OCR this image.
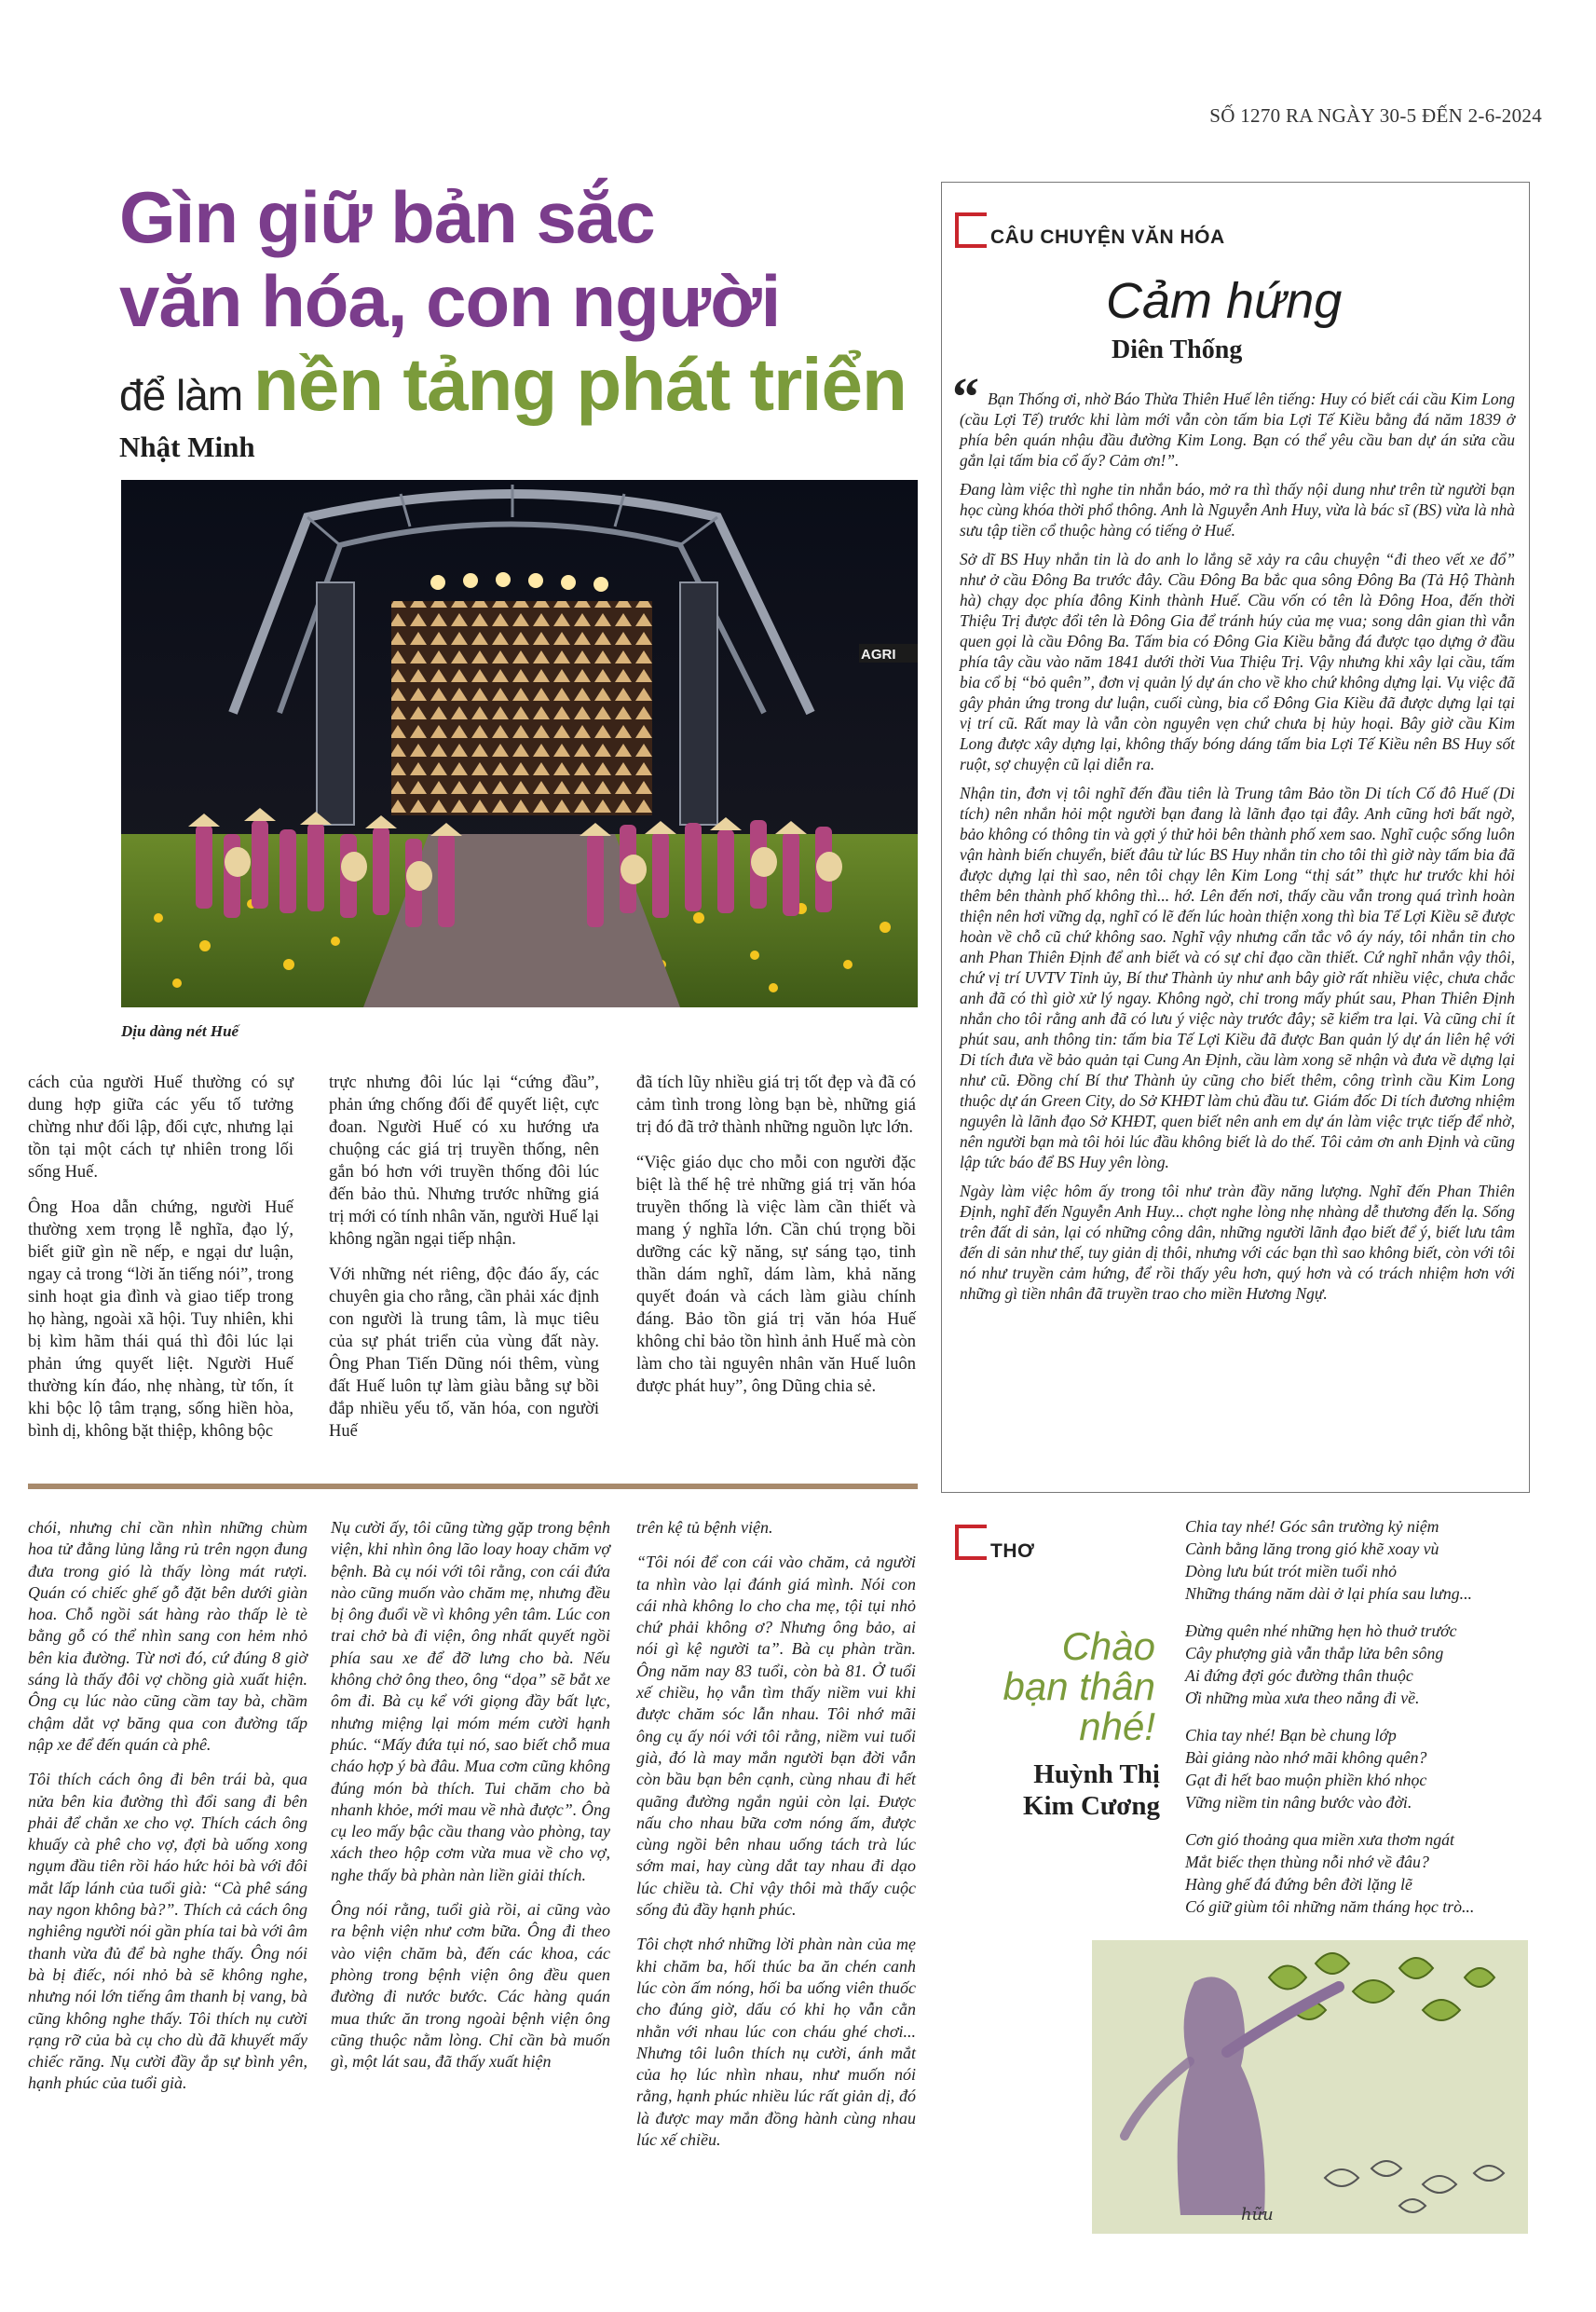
SỐ 1270 RA NGÀY 30-5 ĐẾN 2-6-2024
Gìn giữ bản sắc
văn hóa, con người
để làm nền tảng phát triển
Nhật Minh
AGRI
Dịu dàng nét Huế

cách của người Huế thường có sự dung hợp giữa các yếu tố tưởng chừng như đối lập, đối cực, nhưng lại tồn tại một cách tự nhiên trong lối sống Huế.

Ông Hoa dẫn chứng, người Huế thường xem trọng lễ nghĩa, đạo lý, biết giữ gìn nề nếp, e ngại dư luận, ngay cả trong “lời ăn tiếng nói”, trong sinh hoạt gia đình và giao tiếp trong họ hàng, ngoài xã hội. Tuy nhiên, khi bị kìm hãm thái quá thì đôi lúc lại phản ứng quyết liệt. Người Huế thường kín đáo, nhẹ nhàng, từ tốn, ít khi bộc lộ tâm trạng, sống hiền hòa, bình dị, không bặt thiệp, không bộc

trực nhưng đôi lúc lại “cứng đầu”, phản ứng chống đối để quyết liệt, cực đoan. Người Huế có xu hướng ưa chuộng các giá trị truyền thống, nên gắn bó hơn với truyền thống đôi lúc đến bảo thủ. Nhưng trước những giá trị mới có tính nhân văn, người Huế lại không ngần ngại tiếp nhận.

Với những nét riêng, độc đáo ấy, các chuyên gia cho rằng, cần phải xác định con người là trung tâm, là mục tiêu của sự phát triển của vùng đất này. Ông Phan Tiến Dũng nói thêm, vùng đất Huế luôn tự làm giàu bằng sự bồi đắp nhiều yếu tố, văn hóa, con người Huế

đã tích lũy nhiều giá trị tốt đẹp và đã có cảm tình trong lòng bạn bè, những giá trị đó đã trở thành những nguồn lực lớn.

“Việc giáo dục cho mỗi con người đặc biệt là thế hệ trẻ những giá trị văn hóa truyền thống là việc làm cần thiết và mang ý nghĩa lớn. Cần chú trọng bồi dưỡng các kỹ năng, sự sáng tạo, tinh thần dám nghĩ, dám làm, khả năng quyết đoán và cách làm giàu chính đáng. Bảo tồn giá trị văn hóa Huế không chỉ bảo tồn hình ảnh Huế mà còn làm cho tài nguyên nhân văn Huế luôn được phát huy”, ông Dũng chia sẻ.

chói, nhưng chỉ cần nhìn những chùm hoa tử đằng lủng lẳng rủ trên ngọn đung đưa trong gió là thấy lòng mát rượi. Quán có chiếc ghế gỗ đặt bên dưới giàn hoa. Chỗ ngồi sát hàng rào thấp lè tè bằng gỗ có thể nhìn sang con hẻm nhỏ bên kia đường. Từ nơi đó, cứ đúng 8 giờ sáng là thấy đôi vợ chồng già xuất hiện. Ông cụ lúc nào cũng cầm tay bà, chầm chậm dắt vợ băng qua con đường tấp nập xe để đến quán cà phê.

Tôi thích cách ông đi bên trái bà, qua nửa bên kia đường thì đổi sang đi bên phải để chắn xe cho vợ. Thích cách ông khuấy cà phê cho vợ, đợi bà uống xong ngụm đầu tiên rồi háo hức hỏi bà với đôi mắt lấp lánh của tuổi già: “Cà phê sáng nay ngon không bà?”. Thích cả cách ông nghiêng người nói gần phía tai bà với âm thanh vừa đủ để bà nghe thấy. Ông nói bà bị điếc, nói nhỏ bà sẽ không nghe, nhưng nói lớn tiếng âm thanh bị vang, bà cũng không nghe thấy. Tôi thích nụ cười rạng rỡ của bà cụ cho dù đã khuyết mấy chiếc răng. Nụ cười đầy ắp sự bình yên, hạnh phúc của tuổi già.

Nụ cười ấy, tôi cũng từng gặp trong bệnh viện, khi nhìn ông lão loay hoay chăm vợ bệnh. Bà cụ nói với tôi rằng, con cái đứa nào cũng muốn vào chăm mẹ, nhưng đều bị ông đuổi về vì không yên tâm. Lúc con trai chở bà đi viện, ông nhất quyết ngồi phía sau xe để đỡ lưng cho bà. Nếu không chở ông theo, ông “dọa” sẽ bắt xe ôm đi. Bà cụ kể với giọng đầy bất lực, nhưng miệng lại móm mém cười hạnh phúc. “Mấy đứa tụi nó, sao biết chỗ mua cháo hợp ý bà đâu. Mua cơm cũng không đúng món bà thích. Tui chăm cho bà nhanh khỏe, mới mau về nhà được”. Ông cụ leo mấy bậc cầu thang vào phòng, tay xách theo hộp cơm vừa mua về cho vợ, nghe thấy bà phàn nàn liền giải thích.

Ông nói rằng, tuổi già rồi, ai cũng vào ra bệnh viện như cơm bữa. Ông đi theo vào viện chăm bà, đến các khoa, các phòng trong bệnh viện ông đều quen đường đi nước bước. Các hàng quán mua thức ăn trong ngoài bệnh viện ông cũng thuộc nằm lòng. Chỉ cần bà muốn gì, một lát sau, đã thấy xuất hiện

trên kệ tủ bệnh viện.

“Tôi nói để con cái vào chăm, cả người ta nhìn vào lại đánh giá mình. Nói con cái nhà không lo cho cha mẹ, tội tụi nhỏ chứ phải không ơ? Nhưng ông bảo, ai nói gì kệ người ta”. Bà cụ phàn trần. Ông năm nay 83 tuổi, còn bà 81. Ở tuổi xế chiều, họ vẫn tìm thấy niềm vui khi được chăm sóc lẫn nhau. Tôi nhớ mãi ông cụ ấy nói với tôi rằng, niềm vui tuổi già, đó là may mắn người bạn đời vẫn còn bầu bạn bên cạnh, cùng nhau đi hết quãng đường ngắn ngủi còn lại. Được nấu cho nhau bữa cơm nóng ấm, được cùng ngồi bên nhau uống tách trà lúc sớm mai, hay cùng dắt tay nhau đi dạo lúc chiều tà. Chỉ vậy thôi mà thấy cuộc sống đủ đầy hạnh phúc.

Tôi chợt nhớ những lời phàn nàn của mẹ khi chăm ba, hối thúc ba ăn chén canh lúc còn ấm nóng, hối ba uống viên thuốc cho đúng giờ, dấu có khi họ vẫn cằn nhằn với nhau lúc con cháu ghé chơi... Nhưng tôi luôn thích nụ cười, ánh mắt của họ lúc nhìn nhau, như muốn nói rằng, hạnh phúc nhiều lúc rất giản dị, đó là được may mắn đồng hành cùng nhau lúc xế chiều.

CÂU CHUYỆN VĂN HÓA
Cảm hứng
Diên Thống
“ Bạn Thống ơi, nhờ Báo Thừa Thiên Huế lên tiếng: Huy có biết cái cầu Kim Long (cầu Lợi Tế) trước khi làm mới vẫn còn tấm bia Lợi Tế Kiều bằng đá năm 1839 ở phía bên quán nhậu đầu đường Kim Long. Bạn có thể yêu cầu ban dự án sửa cầu gắn lại tấm bia cổ ấy? Cảm ơn!”.

Đang làm việc thì nghe tin nhắn báo, mở ra thì thấy nội dung như trên từ người bạn học cùng khóa thời phổ thông. Anh là Nguyễn Anh Huy, vừa là bác sĩ (BS) vừa là nhà sưu tập tiền cổ thuộc hàng có tiếng ở Huế.

Sở dĩ BS Huy nhắn tin là do anh lo lắng sẽ xảy ra câu chuyện “đi theo vết xe đổ” như ở cầu Đông Ba trước đây. Cầu Đông Ba bắc qua sông Đông Ba (Tả Hộ Thành hà) chạy dọc phía đông Kinh thành Huế. Cầu vốn có tên là Đông Hoa, đến thời Thiệu Trị được đổi tên là Đông Gia để tránh húy của mẹ vua; song dân gian thì vẫn quen gọi là cầu Đông Ba. Tấm bia có Đông Gia Kiều bằng đá được tạo dựng ở đầu phía tây cầu vào năm 1841 dưới thời Vua Thiệu Trị. Vậy nhưng khi xây lại cầu, tấm bia cổ bị “bỏ quên”, đơn vị quản lý dự án cho về kho chứ không dựng lại. Vụ việc đã gây phản ứng trong dư luận, cuối cùng, bia cổ Đông Gia Kiều đã được dựng lại tại vị trí cũ. Rất may là vẫn còn nguyên vẹn chứ chưa bị hủy hoại. Bây giờ cầu Kim Long được xây dựng lại, không thấy bóng dáng tấm bia Lợi Tế Kiều nên BS Huy sốt ruột, sợ chuyện cũ lại diễn ra.

Nhận tin, đơn vị tôi nghĩ đến đầu tiên là Trung tâm Bảo tồn Di tích Cố đô Huế (Di tích) nên nhắn hỏi một người bạn đang là lãnh đạo tại đây. Anh cũng hơi bất ngờ, bảo không có thông tin và gợi ý thử hỏi bên thành phố xem sao. Nghĩ cuộc sống luôn vận hành biến chuyển, biết đâu từ lúc BS Huy nhắn tin cho tôi thì giờ này tấm bia đã được dựng lại thì sao, nên tôi chạy lên Kim Long “thị sát” thực hư trước khi hỏi thêm bên thành phố không thì... hớ. Lên đến nơi, thấy cầu vẫn trong quá trình hoàn thiện nên hơi vững dạ, nghĩ có lẽ đến lúc hoàn thiện xong thì bia Tế Lợi Kiều sẽ được hoàn về chỗ cũ chứ không sao. Nghĩ vậy nhưng cẩn tắc vô áy náy, tôi nhắn tin cho anh Phan Thiên Định để anh biết và có sự chỉ đạo cần thiết. Cứ nghĩ nhắn vậy thôi, chứ vị trí UVTV Tỉnh ủy, Bí thư Thành ủy như anh bây giờ rất nhiều việc, chưa chắc anh đã có thì giờ xử lý ngay. Không ngờ, chỉ trong mấy phút sau, Phan Thiên Định nhắn cho tôi rằng anh đã có lưu ý việc này trước đây; sẽ kiểm tra lại. Và cũng chỉ ít phút sau, anh thông tin: tấm bia Tế Lợi Kiều đã được Ban quản lý dự án liên hệ với Di tích đưa về bảo quản tại Cung An Định, cầu làm xong sẽ nhận và đưa về dựng lại như cũ. Đồng chí Bí thư Thành ủy cũng cho biết thêm, công trình cầu Kim Long thuộc dự án Green City, do Sở KHĐT làm chủ đầu tư. Giám đốc Di tích đương nhiệm nguyên là lãnh đạo Sở KHĐT, quen biết nên anh em dự án làm việc trực tiếp để nhờ, nên người bạn mà tôi hỏi lúc đầu không biết là do thế. Tôi cảm ơn anh Định và cũng lập tức báo để BS Huy yên lòng.

Ngày làm việc hôm ấy trong tôi như tràn đầy năng lượng. Nghĩ đến Phan Thiên Định, nghĩ đến Nguyễn Anh Huy... chợt nghe lòng nhẹ nhàng dễ thương đến lạ. Sống trên đất di sản, lại có những công dân, những người lãnh đạo biết để ý, biết lưu tâm đến di sản như thế, tuy giản dị thôi, nhưng với các bạn thì sao không biết, còn với tôi nó như truyền cảm hứng, để rồi thấy yêu hơn, quý hơn và có trách nhiệm hơn với những gì tiền nhân đã truyền trao cho miền Hương Ngự.

THƠ
Chào
bạn thân
nhé!
Huỳnh Thị
Kim Cương

Chia tay nhé! Góc sân trường kỷ niệm
Cành bằng lăng trong gió khẽ xoay vù
Dòng lưu bút trót miền tuổi nhỏ
Những tháng năm dài ở lại phía sau lưng...

Đừng quên nhé những hẹn hò thuở trước
Cây phượng già vẫn thắp lửa bên sông
Ai đứng đợi góc đường thân thuộc
Ơi những mùa xưa theo nắng đi về.

Chia tay nhé! Bạn bè chung lớp
Bài giảng nào nhớ mãi không quên?
Gạt đi hết bao muộn phiền khó nhọc
Vững niềm tin nâng bước vào đời.

Cơn gió thoảng qua miền xưa thơm ngát
Mắt biếc thẹn thùng nỗi nhớ về đâu?
Hàng ghế đá đứng bên đời lặng lẽ
Có giữ giùm tôi những năm tháng học trò...

hữu
